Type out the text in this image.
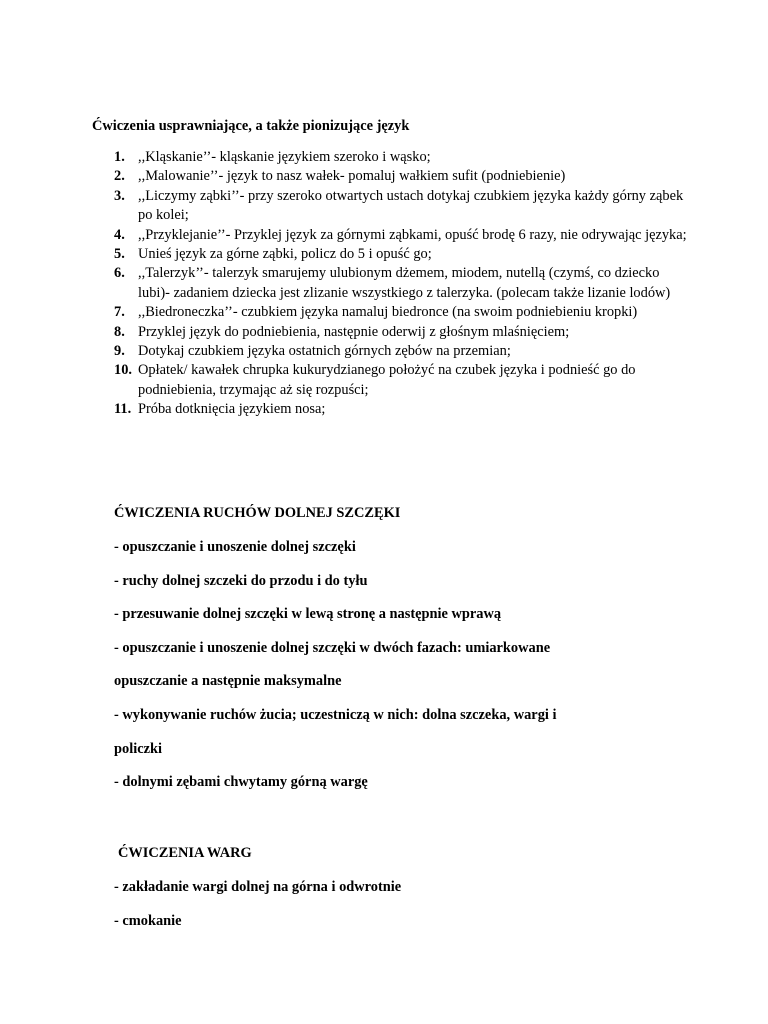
Ćwiczenia usprawniające, a także pionizujące język

1. ,,Kląskanie’’- kląskanie językiem szeroko i wąsko;
2. ,,Malowanie’’- język to nasz wałek- pomaluj wałkiem sufit (podniebienie)
3. ,,Liczymy ząbki’’- przy szeroko otwartych ustach dotykaj czubkiem języka każdy górny ząbek po kolei;
4. ,,Przyklejanie’’- Przyklej język za górnymi ząbkami, opuść brodę 6 razy, nie odrywając języka;
5. Unieś język za górne ząbki, policz do 5 i opuść go;
6. ,,Talerzyk’’- talerzyk smarujemy ulubionym dżemem, miodem, nutellą (czymś, co dziecko lubi)- zadaniem dziecka jest zlizanie wszystkiego z talerzyka. (polecam także lizanie lodów)
7. ,,Biedroneczka’’- czubkiem języka namaluj biedronce (na swoim podniebieniu kropki)
8. Przyklej język do podniebienia, następnie oderwij z głośnym mlaśnięciem;
9. Dotykaj czubkiem języka ostatnich górnych zębów na przemian;
10. Opłatek/ kawałek chrupka kukurydzianego położyć na czubek języka i podnieść go do podniebienia, trzymając aż się rozpuści;
11. Próba dotknięcia językiem nosa;

ĆWICZENIA RUCHÓW DOLNEJ SZCZĘKI

- opuszczanie i unoszenie dolnej szczęki

- ruchy dolnej szczeki do przodu i do tyłu

- przesuwanie dolnej szczęki w lewą stronę a następnie wprawą

- opuszczanie i unoszenie dolnej szczęki w dwóch fazach: umiarkowane

opuszczanie a następnie maksymalne

- wykonywanie ruchów żucia; uczestniczą w nich: dolna szczeka, wargi i

policzki

- dolnymi zębami chwytamy górną wargę

ĆWICZENIA WARG

- zakładanie wargi dolnej na górna i odwrotnie

- cmokanie
